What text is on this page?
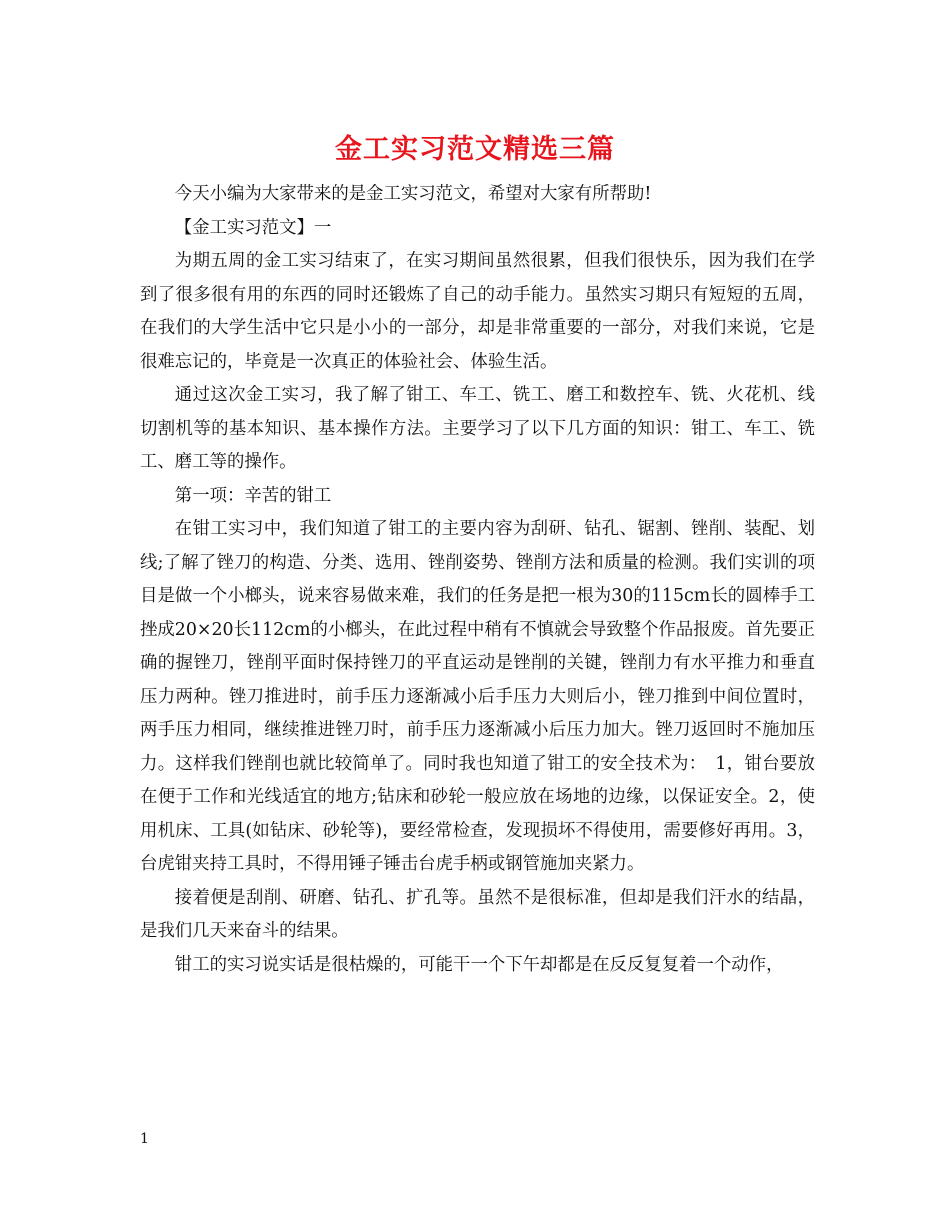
金工实习范文精选三篇

今天小编为大家带来的是金工实习范文，希望对大家有所帮助!

【金工实习范文】一

为期五周的金工实习结束了，在实习期间虽然很累，但我们很快乐，因为我们在学到了很多很有用的东西的同时还锻炼了自己的动手能力。虽然实习期只有短短的五周，在我们的大学生活中它只是小小的一部分，却是非常重要的一部分，对我们来说，它是很难忘记的，毕竟是一次真正的体验社会、体验生活。

通过这次金工实习，我了解了钳工、车工、铣工、磨工和数控车、铣、火花机、线切割机等的基本知识、基本操作方法。主要学习了以下几方面的知识：钳工、车工、铣工、磨工等的操作。

第一项：辛苦的钳工

在钳工实习中，我们知道了钳工的主要内容为刮研、钻孔、锯割、锉削、装配、划线;了解了锉刀的构造、分类、选用、锉削姿势、锉削方法和质量的检测。我们实训的项目是做一个小榔头，说来容易做来难，我们的任务是把一根为30的115cm长的圆棒手工挫成20×20长112cm的小榔头，在此过程中稍有不慎就会导致整个作品报废。首先要正确的握锉刀，锉削平面时保持锉刀的平直运动是锉削的关键，锉削力有水平推力和垂直压力两种。锉刀推进时，前手压力逐渐减小后手压力大则后小，锉刀推到中间位置时，两手压力相同，继续推进锉刀时，前手压力逐渐减小后压力加大。锉刀返回时不施加压力。这样我们锉削也就比较简单了。同时我也知道了钳工的安全技术为：　1，钳台要放在便于工作和光线适宜的地方;钻床和砂轮一般应放在场地的边缘，以保证安全。2，使用机床、工具(如钻床、砂轮等)，要经常检查，发现损坏不得使用，需要修好再用。3，台虎钳夹持工具时，不得用锤子锤击台虎手柄或钢管施加夹紧力。

接着便是刮削、研磨、钻孔、扩孔等。虽然不是很标准，但却是我们汗水的结晶，是我们几天来奋斗的结果。

钳工的实习说实话是很枯燥的，可能干一个下午却都是在反反复复着一个动作，

1
